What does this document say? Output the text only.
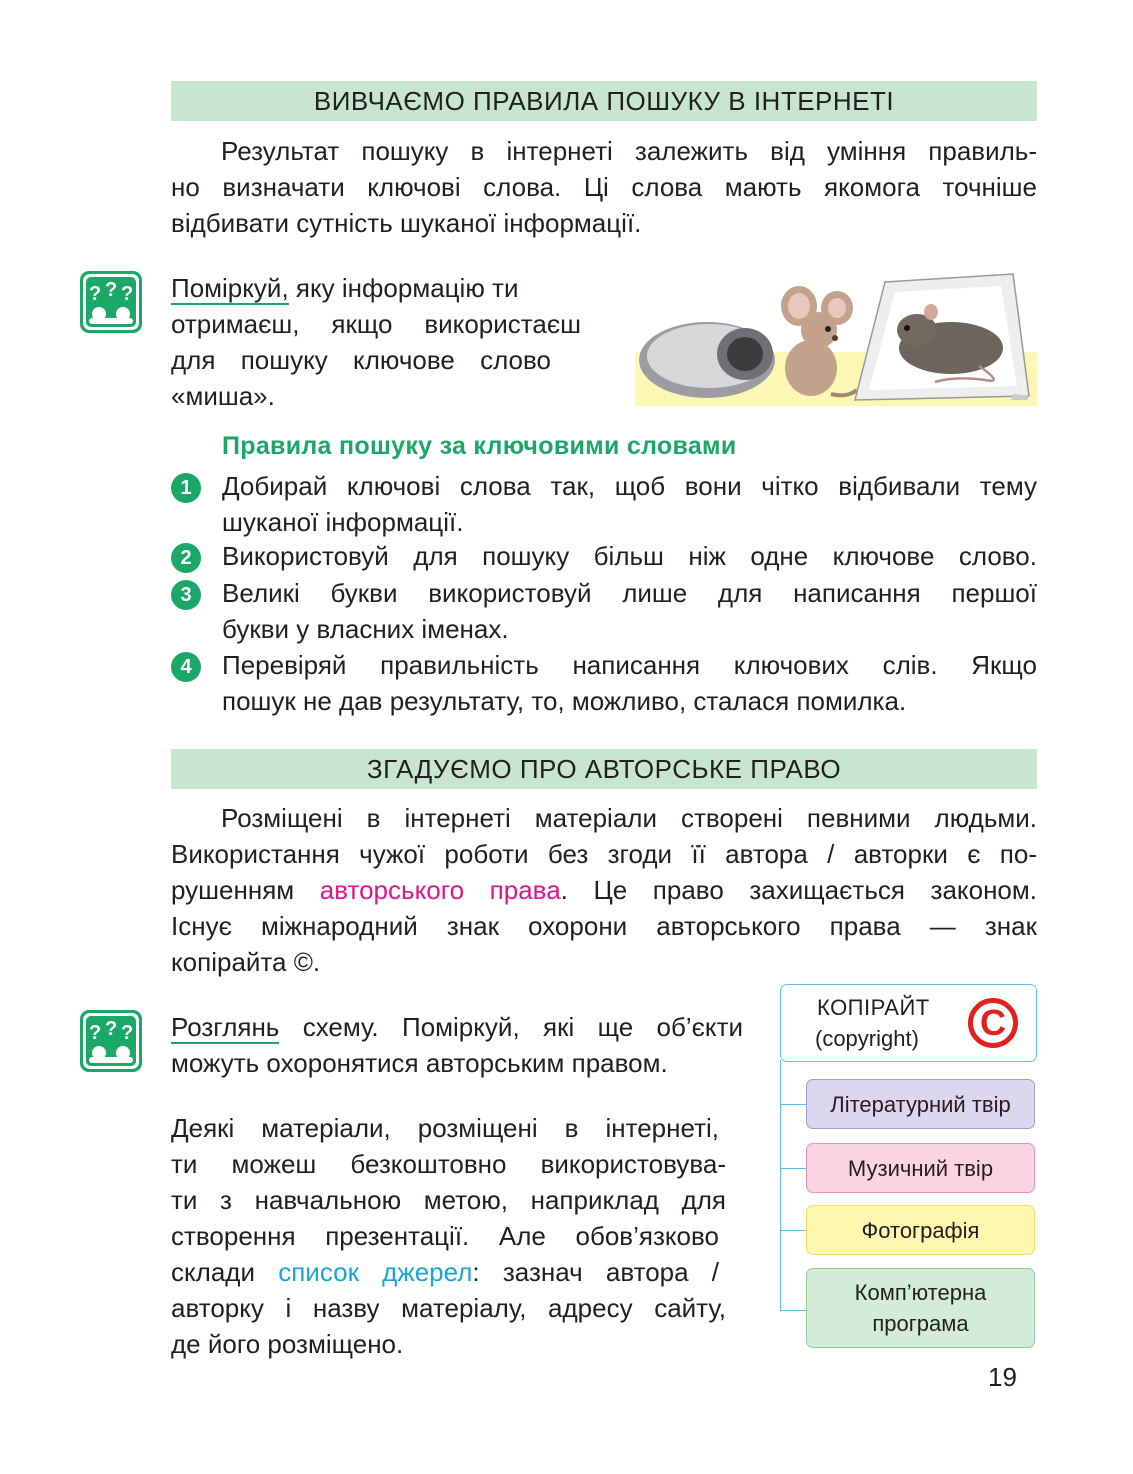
ВИВЧАЄМО ПРАВИЛА ПОШУКУ В ІНТЕРНЕТІ
Результат пошуку в інтернеті залежить від уміння правиль-
но визначати ключові слова. Ці слова мають якомога точніше
відбивати сутність шуканої інформації.
? ? ? Поміркуй, яку інформацію ти
отримаєш, якщо використаєш
для пошуку ключове слово
«миша».
Правила пошуку за ключовими словами
1	Добирай ключові слова так, щоб вони чітко відбивали тему
шуканої інформації.
2	Використовуй для пошуку більш ніж одне ключове слово.
3	Великі букви використовуй лише для написання першої
букви у власних іменах.
4	Перевіряй правильність написання ключових слів. Якщо
пошук не дав результату, то, можливо, сталася помилка.
ЗГАДУЄМО ПРО АВТОРСЬКЕ ПРАВО
Розміщені в інтернеті матеріали створені певними людьми.
Використання чужої роботи без згоди її автора / авторки є по-
рушенням авторського права. Це право захищається законом.
Існує міжнародний знак охорони авторського права — знак
копірайта ©.
? ? ? Розглянь схему. Поміркуй, які ще об’єкти
можуть охоронятися авторським правом.
Деякі матеріали, розміщені в інтернеті,
ти можеш безкоштовно використовува-
ти з навчальною метою, наприклад для
створення презентації. Але обов’язково
склади список джерел: зазнач автора /
авторку і назву матеріалу, адресу сайту,
де його розміщено.
КОПІРАЙТ
(copyright)	C
Літературний твір
Музичний твір
Фотографія
Комп’ютерна програма
19
